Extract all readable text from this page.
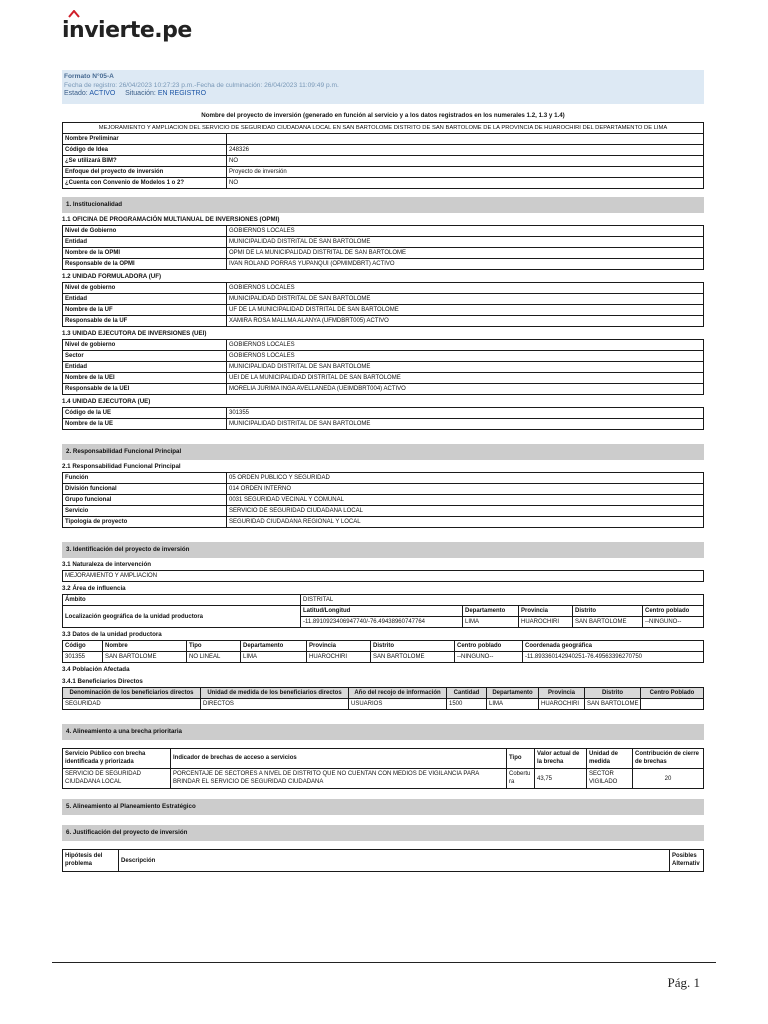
invierte.pe
Formato N°05-A
Fecha de registro: 26/04/2023 10:27:23 p.m.-Fecha de culminación: 26/04/2023 11:09:49 p.m.
Estado: ACTIVO Situación: EN REGISTRO
Nombre del proyecto de inversión (generado en función al servicio y a los datos registrados en los numerales 1.2, 1.3 y 1.4)
MEJORAMIENTO Y AMPLIACION DEL SERVICIO DE SEGURIDAD CIUDADANA LOCAL EN SAN BARTOLOME DISTRITO DE SAN BARTOLOME DE LA PROVINCIA DE HUAROCHIRI DEL DEPARTAMENTO DE LIMA	
Nombre Preliminar	
Código de Idea	248326
¿Se utilizará BIM?	NO
Enfoque del proyecto de inversión	Proyecto de inversión
¿Cuenta con Convenio de Modelos 1 o 2?	NO
1. Institucionalidad
1.1 OFICINA DE PROGRAMACIÓN MULTIANUAL DE INVERSIONES (OPMI)
Nivel de Gobierno	GOBIERNOS LOCALES
Entidad	MUNICIPALIDAD DISTRITAL DE SAN BARTOLOME
Nombre de la OPMI	OPMI DE LA MUNICIPALIDAD DISTRITAL DE SAN BARTOLOME
Responsable de la OPMI	IVAN ROLAND PORRAS YUPANQUI (OPMIMDBRT) ACTIVO
1.2 UNIDAD FORMULADORA (UF)
Nivel de gobierno	GOBIERNOS LOCALES
Entidad	MUNICIPALIDAD DISTRITAL DE SAN BARTOLOME
Nombre de la UF	UF DE LA MUNICIPALIDAD DISTRITAL DE SAN BARTOLOME
Responsable de la UF	XAMIRA ROSA MALLMA ALANYA (UFMDBRT005) ACTIVO
1.3 UNIDAD EJECUTORA DE INVERSIONES (UEI)
Nivel de gobierno	GOBIERNOS LOCALES
Sector	GOBIERNOS LOCALES
Entidad	MUNICIPALIDAD DISTRITAL DE SAN BARTOLOME
Nombre de la UEI	UEI DE LA MUNICIPALIDAD DISTRITAL DE SAN BARTOLOME
Responsable de la UEI	MORELIA JURIMA INGA AVELLANEDA (UEIMDBRT004) ACTIVO
1.4 UNIDAD EJECUTORA (UE)
Código de la UE	301355
Nombre de la UE	MUNICIPALIDAD DISTRITAL DE SAN BARTOLOME
2. Responsabilidad Funcional Principal
2.1 Responsabilidad Funcional Principal
Función	05 ORDEN PUBLICO Y SEGURIDAD
División funcional	014 ORDEN INTERNO
Grupo funcional	0031 SEGURIDAD VECINAL Y COMUNAL
Servicio	SERVICIO DE SEGURIDAD CIUDADANA LOCAL
Tipología de proyecto	SEGURIDAD CIUDADANA REGIONAL Y LOCAL
3. Identificación del proyecto de inversión
3.1 Naturaleza de intervención
MEJORAMIENTO Y AMPLIACION
3.2 Área de influencia
Ámbito	DISTRITAL				
Localización geográfica de la unidad productora	Latitud/Longitud	Departamento	Provincia	Distrito	Centro poblado
	-11.8910923406947740/-76.49438960747764	LIMA	HUAROCHIRI	SAN BARTOLOME	--NINGUNO--
3.3 Datos de la unidad productora
Código	Nombre	Tipo	Departamento	Provincia	Distrito	Centro poblado	Coordenada geográfica
301355	SAN BARTOLOME	NO LINEAL	LIMA	HUAROCHIRI	SAN BARTOLOME	--NINGUNO--	-11.893360142940251-76.49563396270750
3.4 Población Afectada
3.4.1 Beneficiarios Directos
Denominación de los beneficiarios directos	Unidad de medida de los beneficiarios directos	Año del recojo de información	Cantidad	Departamento	Provincia	Distrito	Centro Poblado
SEGURIDAD	DIRECTOS	USUARIOS	1500	LIMA	HUAROCHIRI	SAN BARTOLOME	
4. Alineamiento a una brecha prioritaria
Servicio Público con brecha identificada y priorizada	Indicador de brechas de acceso a servicios	Tipo	Valor actual de la brecha	Unidad de medida	Contribución de cierre de brechas
SERVICIO DE SEGURIDAD CIUDADANA LOCAL	PORCENTAJE DE SECTORES A NIVEL DE DISTRITO QUE NO CUENTAN CON MEDIOS DE VIGILANCIA PARA BRINDAR EL SERVICIO DE SEGURIDAD CIUDADANA	Cobertura	43,75	SECTOR VIGILADO	20
5. Alineamiento al Planeamiento Estratégico
6. Justificación del proyecto de inversión
Hipótesis del problema	Descripción	Posibles Alternativ
Pág. 1
